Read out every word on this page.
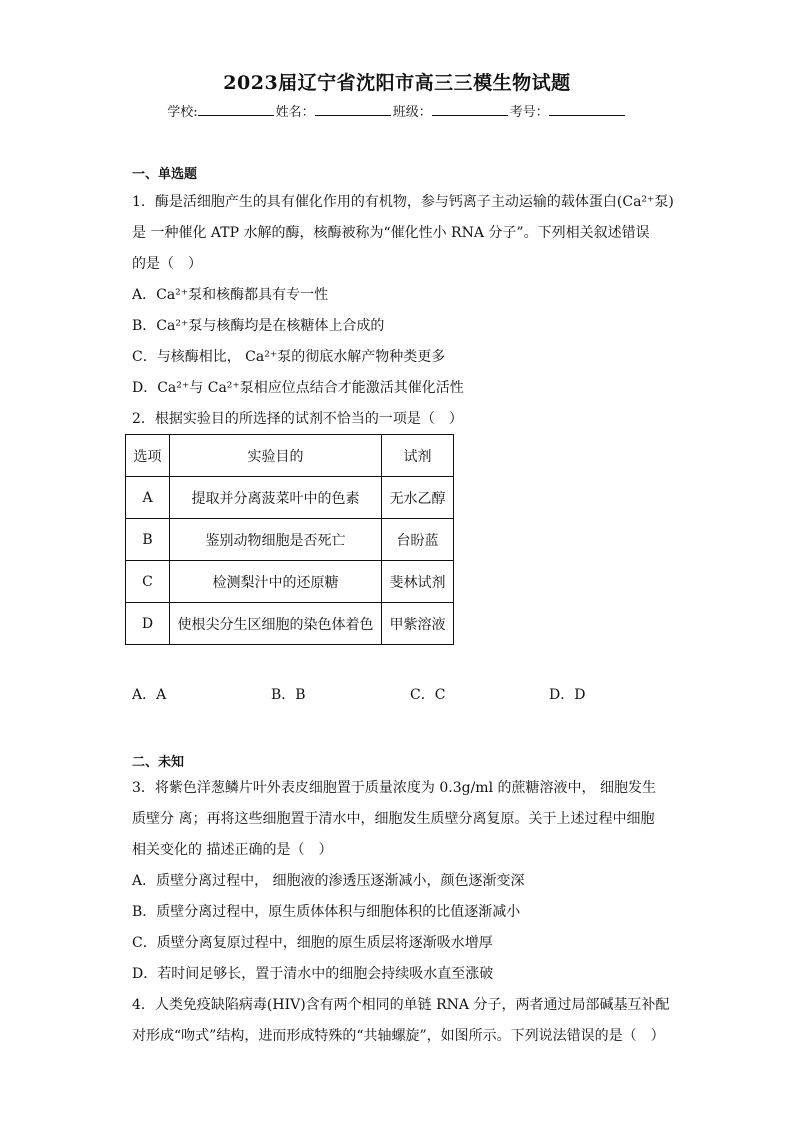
2023届辽宁省沈阳市高三三模生物试题
学校:	姓名：	班级：	考号：
一、单选题
1．酶是活细胞产生的具有催化作用的有机物，参与钙离子主动运输的载体蛋白(Ca²⁺泵)
是 一种催化 ATP 水解的酶，核酶被称为“催化性小 RNA 分子”。下列相关叙述错误
的是（　）
A．Ca²⁺泵和核酶都具有专一性
B．Ca²⁺泵与核酶均是在核糖体上合成的
C．与核酶相比， Ca²⁺泵的彻底水解产物种类更多
D．Ca²⁺与 Ca²⁺泵相应位点结合才能激活其催化活性
2．根据实验目的所选择的试剂不恰当的一项是（　）
选项	实验目的	试剂
A	提取并分离菠菜叶中的色素	无水乙醇
B	鉴别动物细胞是否死亡	台盼蓝
C	检测梨汁中的还原糖	斐林试剂
D	使根尖分生区细胞的染色体着色	甲紫溶液
A．A	B．B	C．C	D．D
二、未知
3．将紫色洋葱鳞片叶外表皮细胞置于质量浓度为 0.3g/ml 的蔗糖溶液中， 细胞发生
质壁分 离；再将这些细胞置于清水中，细胞发生质壁分离复原。关于上述过程中细胞
相关变化的 描述正确的是（　）
A．质壁分离过程中， 细胞液的渗透压逐渐减小，颜色逐渐变深
B．质壁分离过程中，原生质体体积与细胞体积的比值逐渐减小
C．质壁分离复原过程中，细胞的原生质层将逐渐吸水增厚
D．若时间足够长，置于清水中的细胞会持续吸水直至涨破
4．人类免疫缺陷病毒(HIV)含有两个相同的单链 RNA 分子，两者通过局部碱基互补配
对形成“吻式”结构，进而形成特殊的“共轴螺旋”，如图所示。下列说法错误的是（　）
